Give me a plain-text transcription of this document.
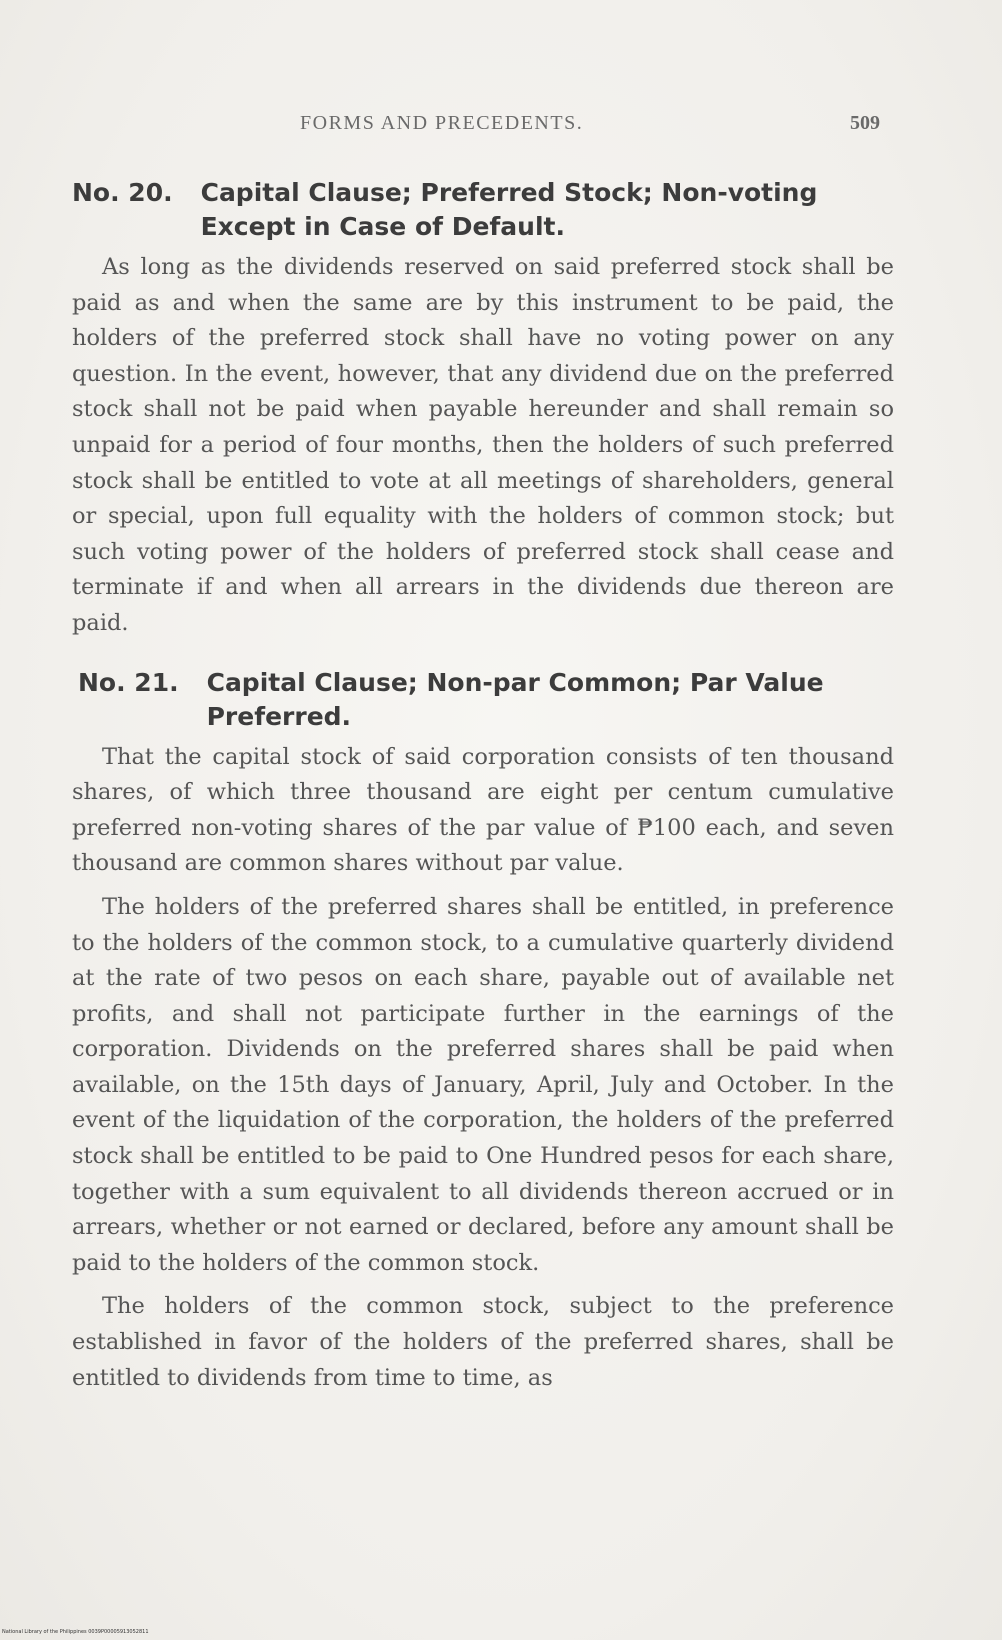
FORMS AND PRECEDENTS.	509
No. 20. Capital Clause; Preferred Stock; Non-voting Except in Case of Default.

As long as the dividends reserved on said preferred stock shall be paid as and when the same are by this instrument to be paid, the holders of the preferred stock shall have no voting power on any question. In the event, however, that any dividend due on the preferred stock shall not be paid when payable hereunder and shall remain so unpaid for a period of four months, then the holders of such preferred stock shall be entitled to vote at all meetings of shareholders, general or special, upon full equality with the holders of common stock; but such voting power of the holders of preferred stock shall cease and terminate if and when all arrears in the dividends due thereon are paid.

No. 21. Capital Clause; Non-par Common; Par Value Preferred.

That the capital stock of said corporation consists of ten thousand shares, of which three thousand are eight per centum cumulative preferred non-voting shares of the par value of ₱100 each, and seven thousand are common shares without par value.

The holders of the preferred shares shall be entitled, in preference to the holders of the common stock, to a cumulative quarterly dividend at the rate of two pesos on each share, payable out of available net profits, and shall not participate further in the earnings of the corporation. Dividends on the preferred shares shall be paid when available, on the 15th days of January, April, July and October. In the event of the liquidation of the corporation, the holders of the preferred stock shall be entitled to be paid to One Hundred pesos for each share, together with a sum equivalent to all dividends thereon accrued or in arrears, whether or not earned or declared, before any amount shall be paid to the holders of the common stock.

The holders of the common stock, subject to the preference established in favor of the holders of the preferred shares, shall be entitled to dividends from time to time, as

National Library of the Philippines 0039P00005913052811
